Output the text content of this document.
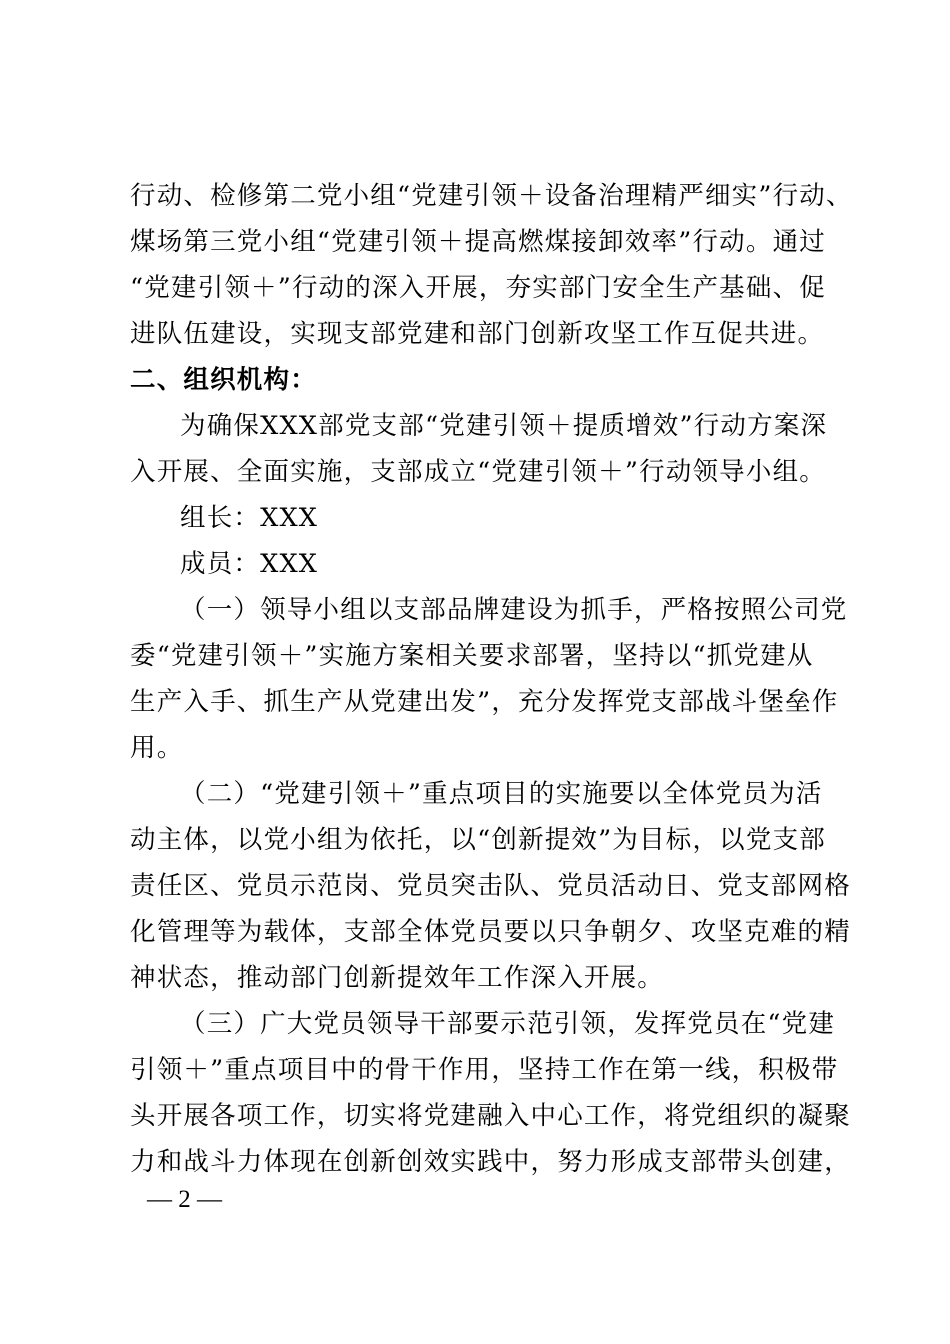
行动、检修第二党小组“党建引领＋设备治理精严细实”行动、
煤场第三党小组“党建引领＋提高燃煤接卸效率”行动。通过
“党建引领＋”行动的深入开展，夯实部门安全生产基础、促
进队伍建设，实现支部党建和部门创新攻坚工作互促共进。
二、组织机构：
为确保XXX部党支部“党建引领＋提质增效”行动方案深
入开展、全面实施，支部成立“党建引领＋”行动领导小组。
组长：XXX
成员：XXX
（一）领导小组以支部品牌建设为抓手，严格按照公司党
委“党建引领＋”实施方案相关要求部署，坚持以“抓党建从
生产入手、抓生产从党建出发”，充分发挥党支部战斗堡垒作
用。
（二）“党建引领＋”重点项目的实施要以全体党员为活
动主体，以党小组为依托，以“创新提效”为目标，以党支部
责任区、党员示范岗、党员突击队、党员活动日、党支部网格
化管理等为载体，支部全体党员要以只争朝夕、攻坚克难的精
神状态，推动部门创新提效年工作深入开展。
（三）广大党员领导干部要示范引领，发挥党员在“党建
引领＋”重点项目中的骨干作用，坚持工作在第一线，积极带
头开展各项工作，切实将党建融入中心工作，将党组织的凝聚
力和战斗力体现在创新创效实践中，努力形成支部带头创建，
— 2 —
